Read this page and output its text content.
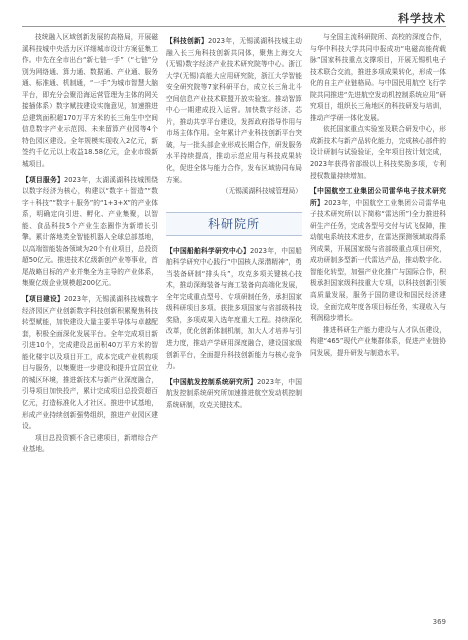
科学技术

技统融入区域创新发展的高格局，开展磁溪科技城中央活力区详细城市设计方案征集工作。申先在全市出台“新七链一手”（“七链”分别为网络通、算力通、数据通、产业通、服务通、标准通、机制通，“一手”为城市智慧大脑平台，即充分会聚沿海运营管理为主体的网关接插体系）数字赋技建设实施意见，加速推进总建筑面积超170万平方米的长三角生中空间信息数字产业示范园、未来留算产业园等4个特色园区建设。全年规模实现收入2亿元，新签约千亿元以上收益18.58亿元，企业市级新城项目。

【项目服务】2023年，太湖溪湖科技城围绕以数字经济为核心，构建以“数字＋智造”“数字＋科技”“数字＋服务”的“1+3+X”的产业体系，明确定向引进、孵化、产业集聚，以智能、食品科技5个产业生态圈作为新增长引擎。累计落地类全智能机器人全球总部基地，以高端智能装备领域为20个有业项目，总投资超50亿元。推进技术亿级新创产业等事业，首尾战略目标的产业并集全为主导的产业体系，集聚亿级企业规模超200亿元。

【项目建设】2023年，无锡溪湖科技城数字经济园区产业创新数字科技创新积累聚焦科技转型赋能，加快建设大量主要半导体与卓越配套，积极全面深化发展平台。全年完成项目新引进10个，完成建设总面积40万平方米的智能化楼宇以及项目开工，成本完成产业机构项目与服务，以集聚进一步建设和提升宜居宜业的城区环境，推进新技术与新产业深度融合，引导项目加快投产，累计完成项目总投资超百亿元，打造标准化人才社区。推进中试基地，形成产业持续创新强势组织，推进产业园区建设。

项目总投资额不含已建项目，新增综合产业基地。

【科技创新】2023年，无锡溪湖科技城主动融入长三角科技创新共同体，聚焦上海交大(无锡)数字经济产业技术研究院等中心。浙江大学(无锡)高能大应用研究院，浙江大学智能安全研究院等7家科研平台，成立长三角北斗空间信息产业技术联盟开放实验室。推动智算中心一期建成投入运营。加快数字经济、芯片，推动共享平台建设，发挥政府指导作用与市场主体作用。全年累计产业科技创新平台突破，与一批头部企业形成长期合作，研发服务水平持续提高，推动示范应用与科技成果转化，促进全体与能力合作，发布区域协同布局方案。

（无锡溪湖科技城管理局）

科研院所

【中国船舶科学研究中心】2023年，中国船舶科学研究中心践行“中国核人深潜精神”，勇当装备研制“排头兵”，攻克多项关键核心技术，推动深海装备与海工装备向高端化发展，全年完成重点型号、专项研制任务，承担国家级科研项目多项。获批多项国家与省部级科技奖励，多项成果入选年度重大工程。持续深化改革，优化创新体制机制，加大人才培养与引进力度，推动产学研用深度融合，建设国家级创新平台，全面提升科技创新能力与核心竞争力。

【中国航发控制系统研究所】2023年，中国航发控制系统研究所加速推进航空发动机控制系统研制，攻克关键技术。

与全国主流科研院所、高校的深度合作，与华中科技大学共同申报成功“电磁高能荷载脉”国家科技重点支撑项目，开展无锡机电子技术联合交流，推进多项成果转化，形成一体化的自主产业链格局。与中国民用航空飞行学院共同推进“先进航空发动机控制系统应用”研究项目，组织长三角地区的科技研发与培训，推动产学研一体化发展。

依托国家重点实验室及联合研发中心，形成新技术与新产品转化能力，完成核心部件的设计研制与试验验证，全年项目按计划完成，2023年获得省部级以上科技奖励多项，专利授权数量持续增加。

【中国航空工业集团公司雷华电子技术研究所】2023年，中国航空工业集团公司雷华电子技术研究所(以下简称“雷达所”)全力推进科研生产任务，完成各型号交付与试飞保障，推动航电系统技术进步，在雷达探测领域取得系列成果，开展国家级与省部级重点项目研究，成功研制多型新一代雷达产品，推动数字化、智能化转型，加强产业化推广与国际合作，积极承担国家级科技重大专项，以科技创新引领高质量发展，服务于国防建设和国民经济建设，全面完成年度各项目标任务，实现收入与利润稳步增长。

推进科研生产能力建设与人才队伍建设，构建“465”现代产业集群体系，促进产业链协同发展，提升研发与制造水平。

369
